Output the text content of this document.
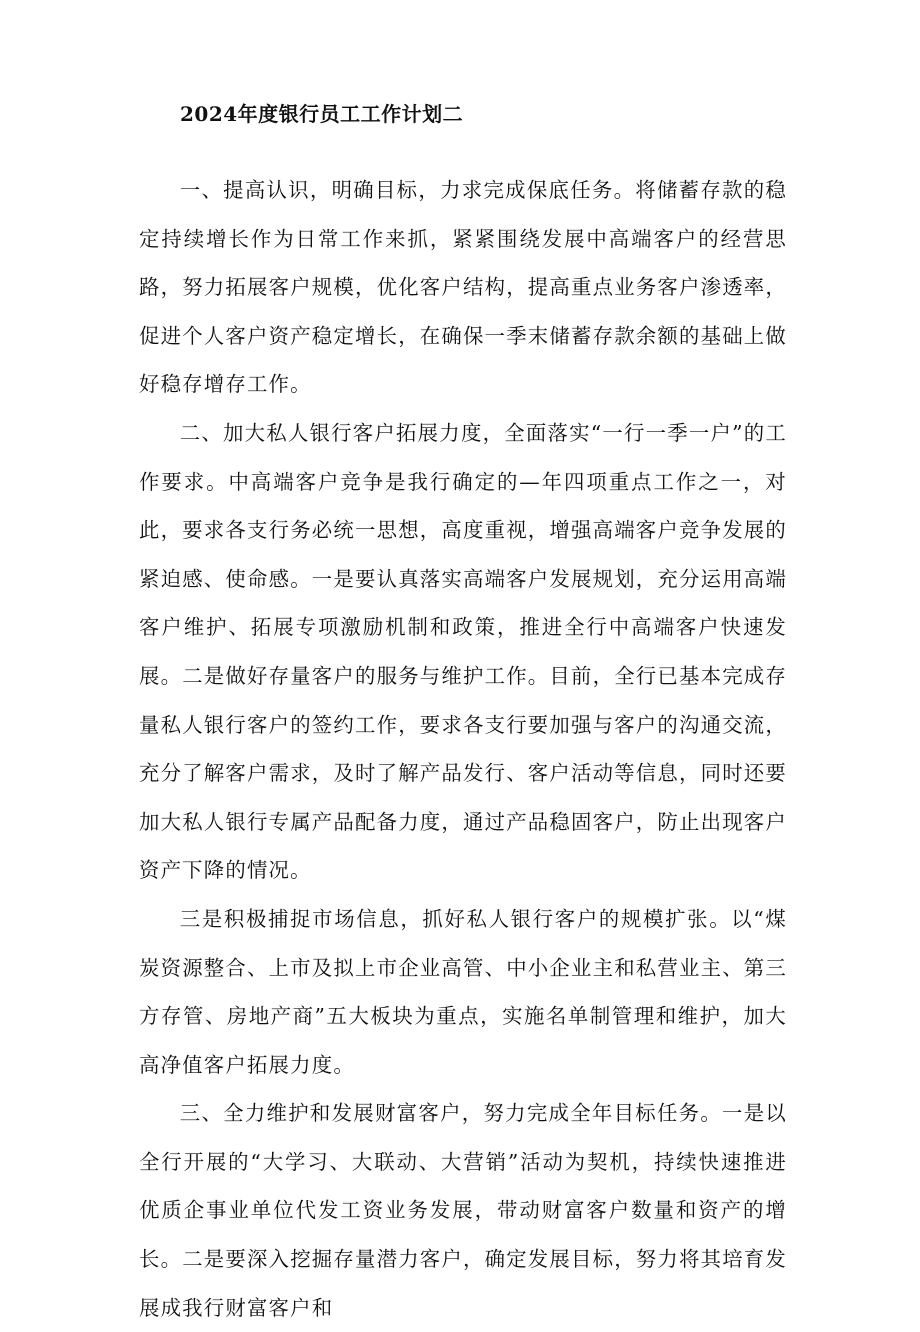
2024年度银行员工工作计划二

一、提高认识，明确目标，力求完成保底任务。将储蓄存款的稳定持续增长作为日常工作来抓，紧紧围绕发展中高端客户的经营思路，努力拓展客户规模，优化客户结构，提高重点业务客户渗透率，促进个人客户资产稳定增长，在确保一季末储蓄存款余额的基础上做好稳存增存工作。

二、加大私人银行客户拓展力度，全面落实“一行一季一户”的工作要求。中高端客户竞争是我行确定的—年四项重点工作之一，对此，要求各支行务必统一思想，高度重视，增强高端客户竞争发展的紧迫感、使命感。一是要认真落实高端客户发展规划，充分运用高端客户维护、拓展专项激励机制和政策，推进全行中高端客户快速发展。二是做好存量客户的服务与维护工作。目前，全行已基本完成存量私人银行客户的签约工作，要求各支行要加强与客户的沟通交流，充分了解客户需求，及时了解产品发行、客户活动等信息，同时还要加大私人银行专属产品配备力度，通过产品稳固客户，防止出现客户资产下降的情况。

三是积极捕捉市场信息，抓好私人银行客户的规模扩张。以“煤炭资源整合、上市及拟上市企业高管、中小企业主和私营业主、第三方存管、房地产商”五大板块为重点，实施名单制管理和维护，加大高净值客户拓展力度。

三、全力维护和发展财富客户，努力完成全年目标任务。一是以全行开展的“大学习、大联动、大营销”活动为契机，持续快速推进优质企事业单位代发工资业务发展，带动财富客户数量和资产的增长。二是要深入挖掘存量潜力客户，确定发展目标，努力将其培育发展成我行财富客户和
